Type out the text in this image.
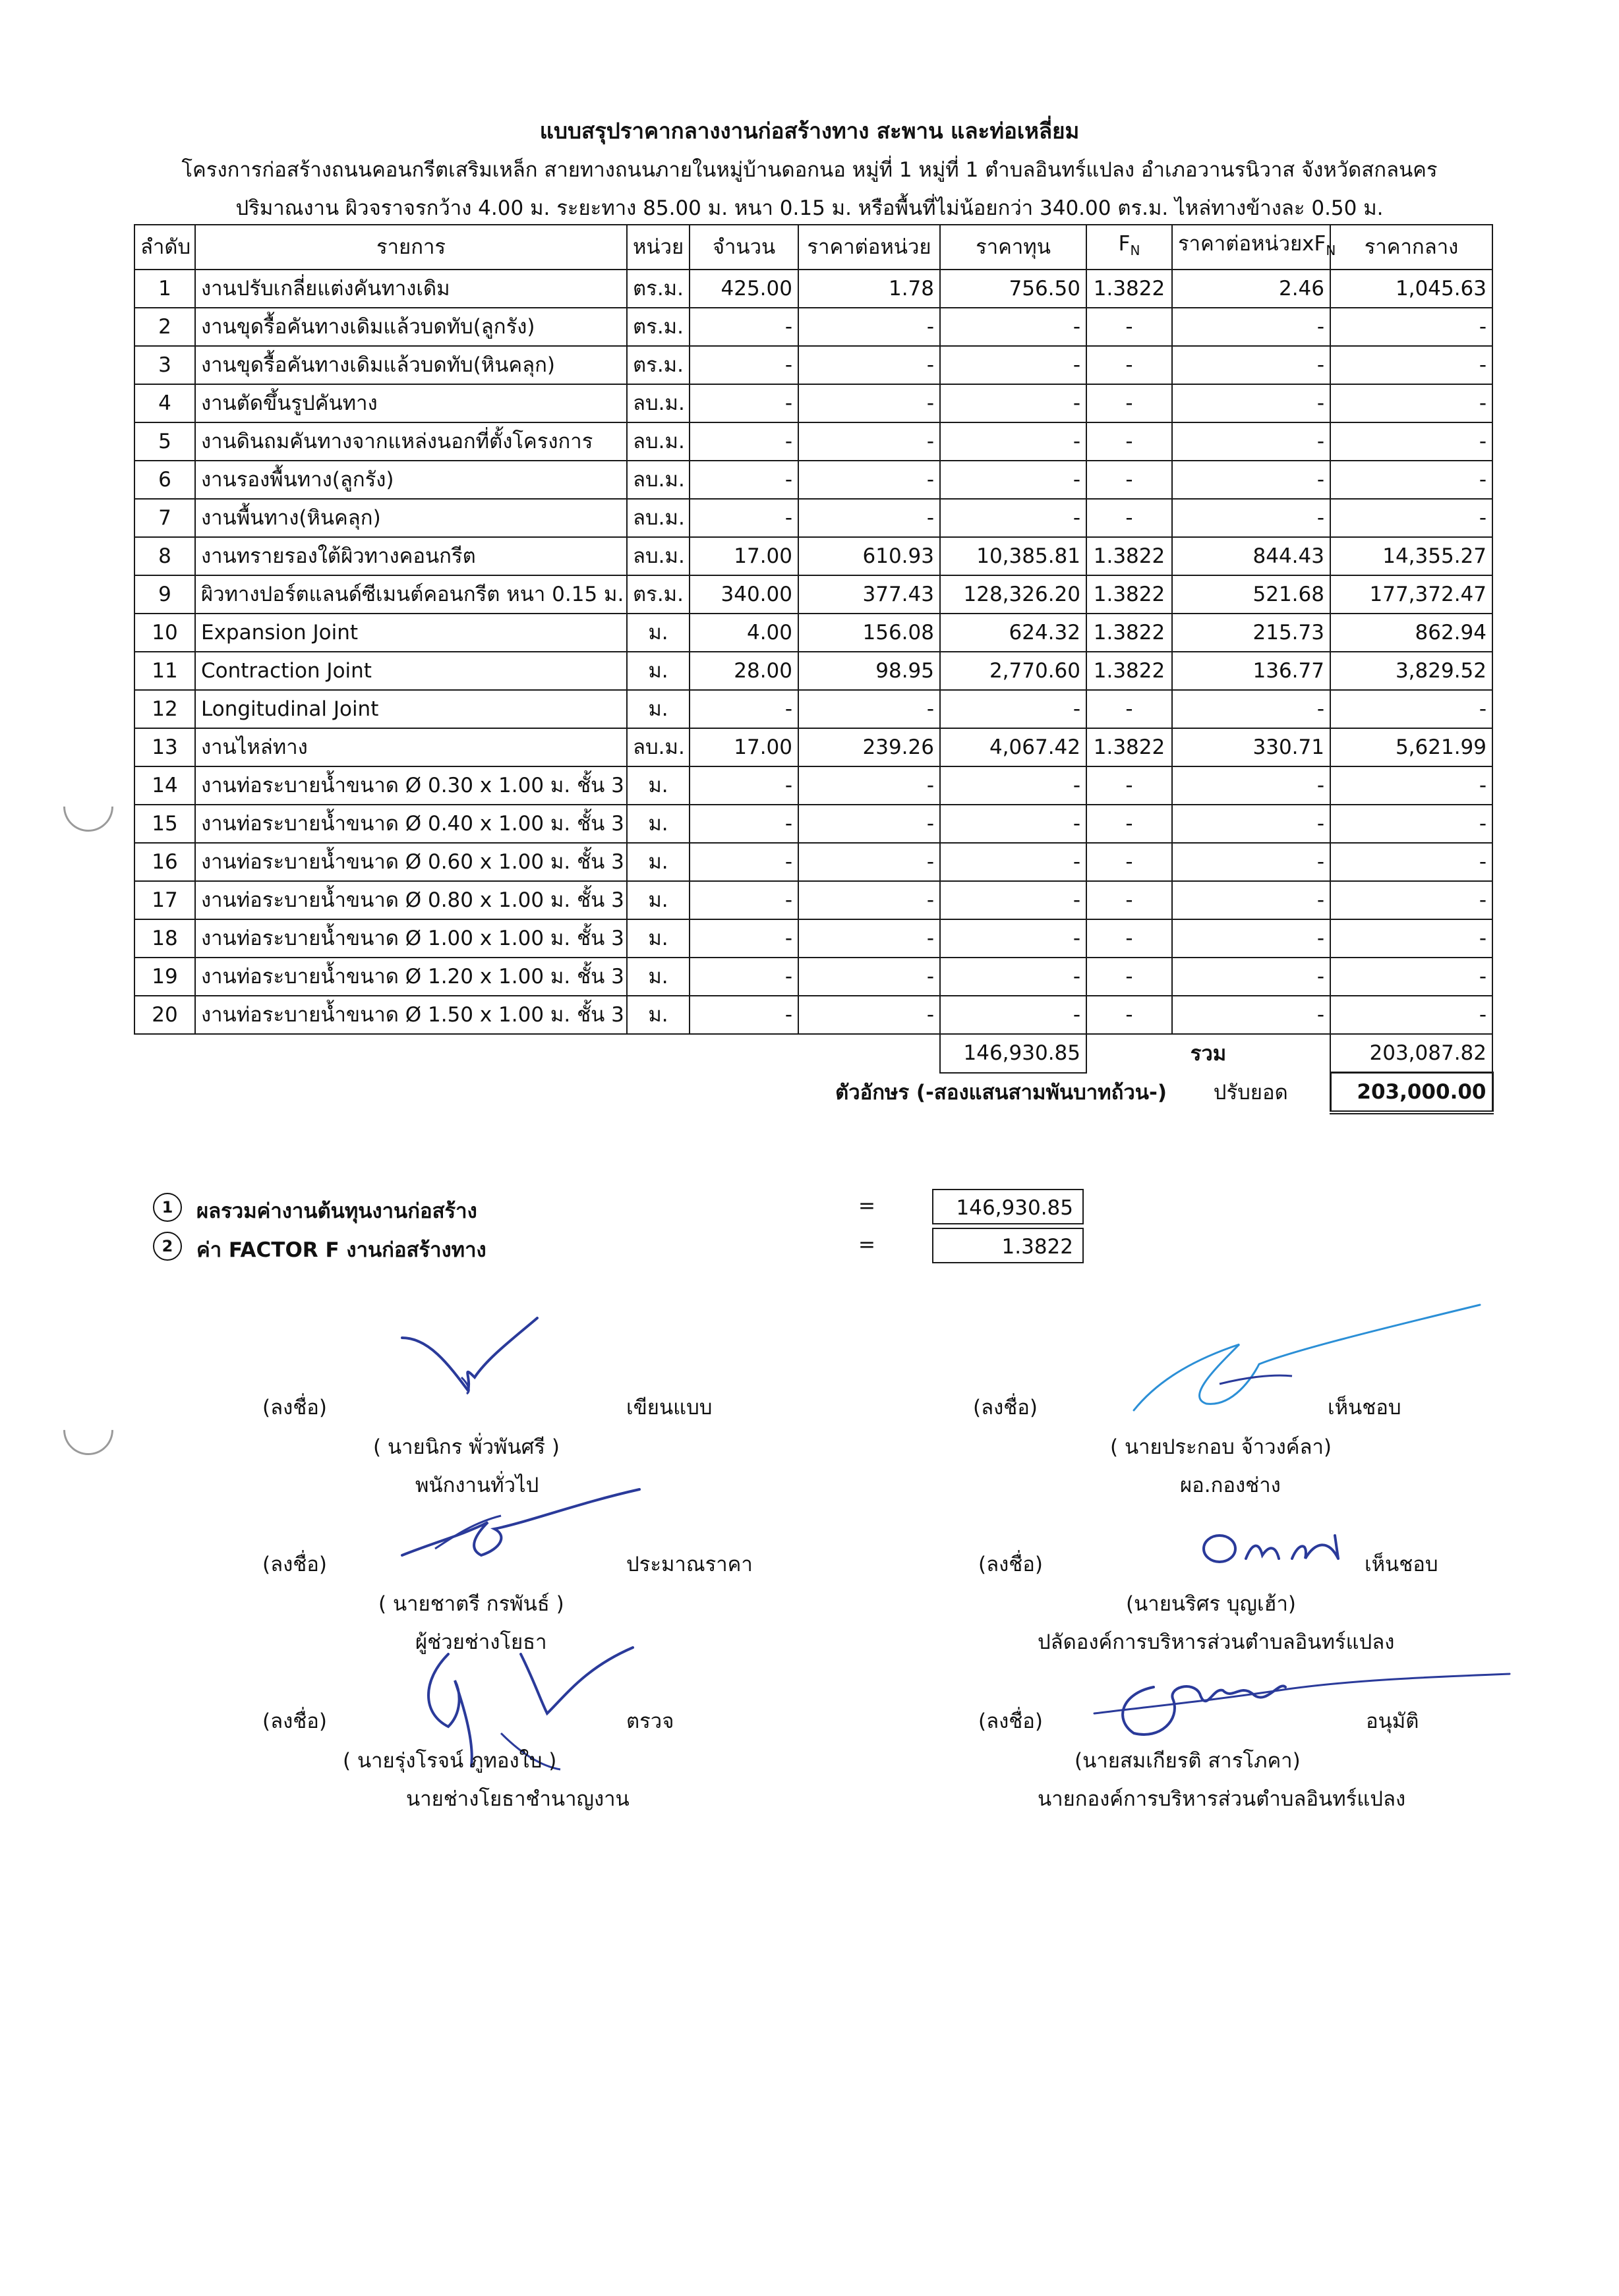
แบบสรุปราคากลางงานก่อสร้างทาง สะพาน และท่อเหลี่ยม
โครงการก่อสร้างถนนคอนกรีตเสริมเหล็ก สายทางถนนภายในหมู่บ้านดอกนอ หมู่ที่ 1 หมู่ที่ 1 ตำบลอินทร์แปลง อำเภอวานรนิวาส จังหวัดสกลนคร
ปริมาณงาน ผิวจราจรกว้าง 4.00 ม. ระยะทาง 85.00 ม. หนา 0.15 ม. หรือพื้นที่ไม่น้อยกว่า 340.00 ตร.ม. ไหล่ทางข้างละ 0.50 ม.
ลำดับ	รายการ	หน่วย	จำนวน	ราคาต่อหน่วย	ราคาทุน	$F_N$	ราคาต่อหน่วย$xF_N$	ราคากลาง
1	งานปรับเกลี่ยแต่งคันทางเดิม	ตร.ม.	425.00	1.78	756.50	1.3822	2.46	1,045.63
2	งานขุดรื้อคันทางเดิมแล้วบดทับ(ลูกรัง)	ตร.ม.	-	-	-	-	-	-
3	งานขุดรื้อคันทางเดิมแล้วบดทับ(หินคลุก)	ตร.ม.	-	-	-	-	-	-
4	งานตัดขึ้นรูปคันทาง	ลบ.ม.	-	-	-	-	-	-
5	งานดินถมคันทางจากแหล่งนอกที่ตั้งโครงการ	ลบ.ม.	-	-	-	-	-	-
6	งานรองพื้นทาง(ลูกรัง)	ลบ.ม.	-	-	-	-	-	-
7	งานพื้นทาง(หินคลุก)	ลบ.ม.	-	-	-	-	-	-
8	งานทรายรองใต้ผิวทางคอนกรีต	ลบ.ม.	17.00	610.93	10,385.81	1.3822	844.43	14,355.27
9	ผิวทางปอร์ตแลนด์ซีเมนต์คอนกรีต หนา 0.15 ม.	ตร.ม.	340.00	377.43	128,326.20	1.3822	521.68	177,372.47
10	Expansion Joint	ม.	4.00	156.08	624.32	1.3822	215.73	862.94
11	Contraction Joint	ม.	28.00	98.95	2,770.60	1.3822	136.77	3,829.52
12	Longitudinal Joint	ม.	-	-	-	-	-	-
13	งานไหล่ทาง	ลบ.ม.	17.00	239.26	4,067.42	1.3822	330.71	5,621.99
14	งานท่อระบายน้ำขนาด Ø 0.30 x 1.00 ม. ชั้น 3	ม.	-	-	-	-	-	-
15	งานท่อระบายน้ำขนาด Ø 0.40 x 1.00 ม. ชั้น 3	ม.	-	-	-	-	-	-
16	งานท่อระบายน้ำขนาด Ø 0.60 x 1.00 ม. ชั้น 3	ม.	-	-	-	-	-	-
17	งานท่อระบายน้ำขนาด Ø 0.80 x 1.00 ม. ชั้น 3	ม.	-	-	-	-	-	-
18	งานท่อระบายน้ำขนาด Ø 1.00 x 1.00 ม. ชั้น 3	ม.	-	-	-	-	-	-
19	งานท่อระบายน้ำขนาด Ø 1.20 x 1.00 ม. ชั้น 3	ม.	-	-	-	-	-	-
20	งานท่อระบายน้ำขนาด Ø 1.50 x 1.00 ม. ชั้น 3	ม.	-	-	-	-	-	-
					146,930.85	รวม		203,087.82
			ตัวอักษร (-สองแสนสามพันบาทถ้วน-)				ปรับยอด	203,000.00
1	ผลรวมค่างานต้นทุนงานก่อสร้าง	=	146,930.85
2	ค่า FACTOR F งานก่อสร้างทาง	=	1.3822
(ลงชื่อ)	เขียนแบบ
( นายนิกร พั่วพันศรี )
พนักงานทั่วไป
(ลงชื่อ)	เห็นชอบ
( นายประกอบ จ้าวงค์ลา)
ผอ.กองช่าง
(ลงชื่อ)	ประมาณราคา
( นายชาตรี กรพันธ์ )
ผู้ช่วยช่างโยธา
(ลงชื่อ)	เห็นชอบ
(นายนริศร บุญเฮ้า)
ปลัดองค์การบริหารส่วนตำบลอินทร์แปลง
(ลงชื่อ)	ตรวจ
( นายรุ่งโรจน์ ภูทองใบ )
นายช่างโยธาชำนาญงาน
(ลงชื่อ)	อนุมัติ
(นายสมเกียรติ สารโภคา)
นายกองค์การบริหารส่วนตำบลอินทร์แปลง
